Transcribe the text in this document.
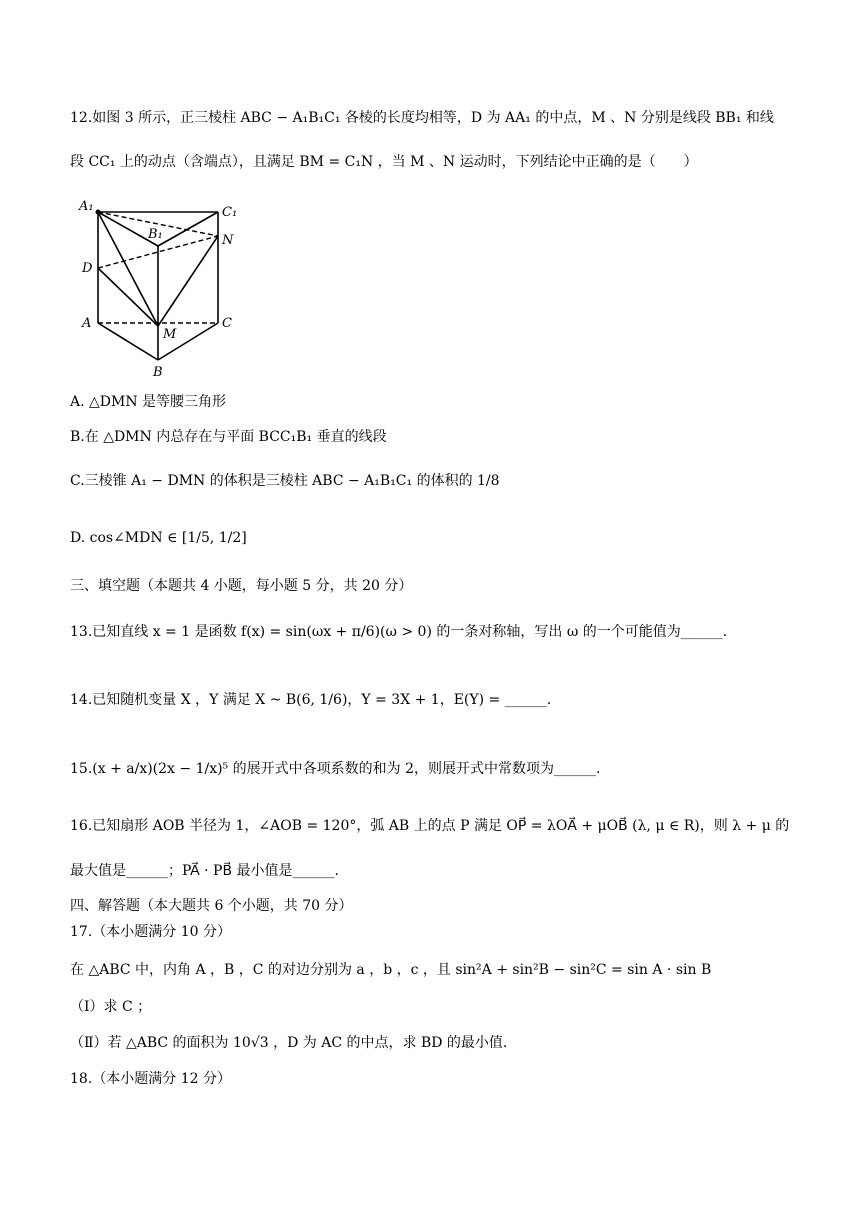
12.如图 3 所示，正三棱柱 ABC − A₁B₁C₁ 各棱的长度均相等，D 为 AA₁ 的中点，M 、N 分别是线段 BB₁ 和线
段 CC₁ 上的动点（含端点），且满足 BM = C₁N ，当 M 、N 运动时，下列结论中正确的是（　　）
A₁	C₁
B₁	N
D
A
M
C
B
A. △DMN 是等腰三角形
B.在 △DMN 内总存在与平面 BCC₁B₁ 垂直的线段
C.三棱锥 A₁ − DMN 的体积是三棱柱 ABC − A₁B₁C₁ 的体积的 1/8
D. cos∠MDN ∈ [1/5, 1/2]
三、填空题（本题共 4 小题，每小题 5 分，共 20 分）
13.已知直线 x = 1 是函数 f(x) = sin(ωx + π/6)(ω > 0) 的一条对称轴，写出 ω 的一个可能值为______.
14.已知随机变量 X ，Y 满足 X ~ B(6, 1/6)，Y = 3X + 1，E(Y) = ______.
15.(x + a/x)(2x − 1/x)⁵ 的展开式中各项系数的和为 2，则展开式中常数项为______.
16.已知扇形 AOB 半径为 1，∠AOB = 120°，弧 AB 上的点 P 满足 OP⃗ = λOA⃗ + μOB⃗ (λ, μ ∈ R)，则 λ + μ 的
最大值是______；PA⃗ · PB⃗ 最小值是______.
四、解答题（本大题共 6 个小题，共 70 分）
17.（本小题满分 10 分）
在 △ABC 中，内角 A ，B ，C 的对边分别为 a ，b ，c ，且 sin²A + sin²B − sin²C = sin A · sin B
（Ⅰ）求 C ；
（Ⅱ）若 △ABC 的面积为 10√3 ，D 为 AC 的中点，求 BD 的最小值.
18.（本小题满分 12 分）
